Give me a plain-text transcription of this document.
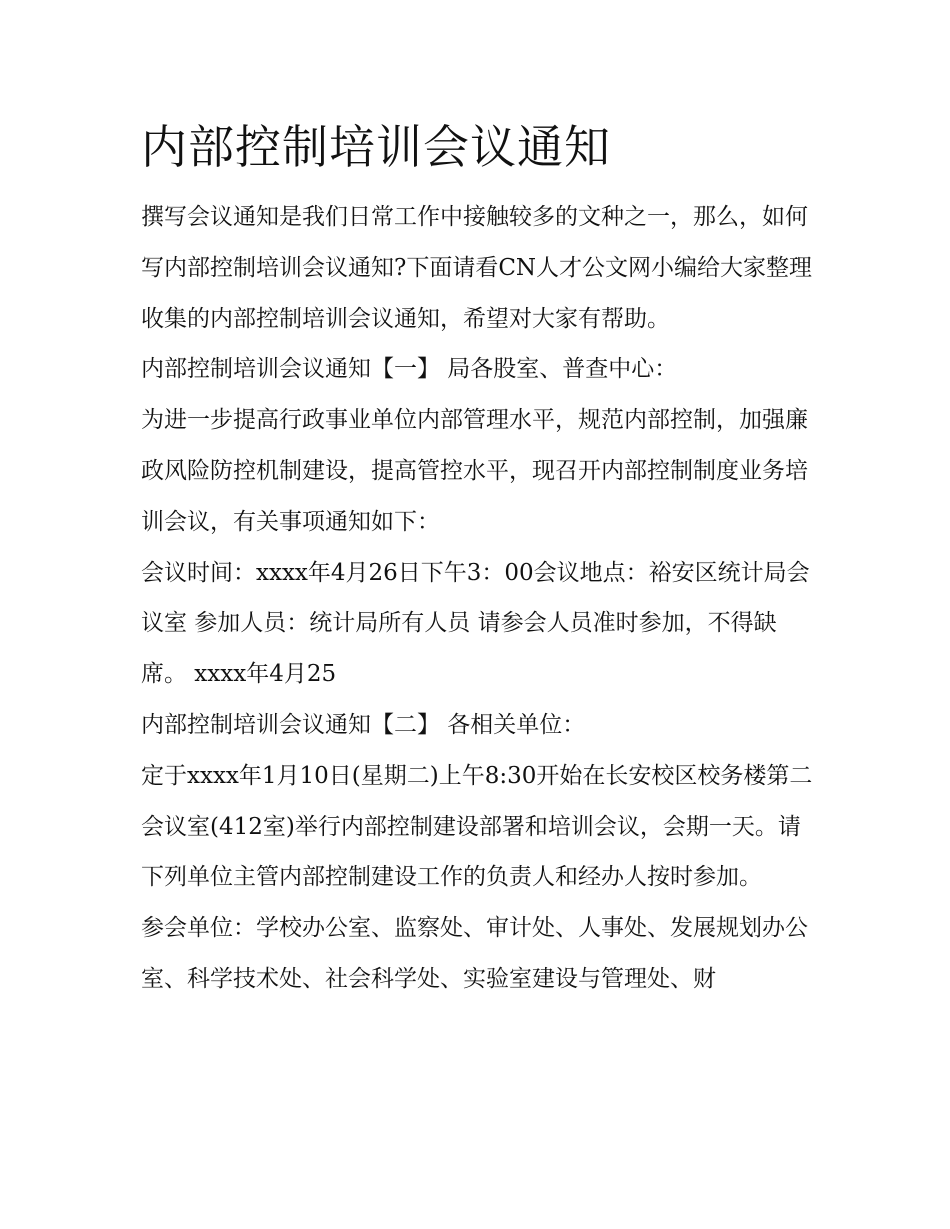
内部控制培训会议通知

撰写会议通知是我们日常工作中接触较多的文种之一，那么，如何写内部控制培训会议通知?下面请看CN人才公文网小编给大家整理收集的内部控制培训会议通知，希望对大家有帮助。

内部控制培训会议通知【一】 局各股室、普查中心：

为进一步提高行政事业单位内部管理水平，规范内部控制，加强廉政风险防控机制建设，提高管控水平，现召开内部控制制度业务培训会议，有关事项通知如下：

会议时间：xxxx年4月26日下午3：00会议地点：裕安区统计局会议室 参加人员：统计局所有人员 请参会人员准时参加，不得缺席。 xxxx年4月25

内部控制培训会议通知【二】 各相关单位：

定于xxxx年1月10日(星期二)上午8:30开始在长安校区校务楼第二会议室(412室)举行内部控制建设部署和培训会议，会期一天。请下列单位主管内部控制建设工作的负责人和经办人按时参加。

参会单位：学校办公室、监察处、审计处、人事处、发展规划办公室、科学技术处、社会科学处、实验室建设与管理处、财
